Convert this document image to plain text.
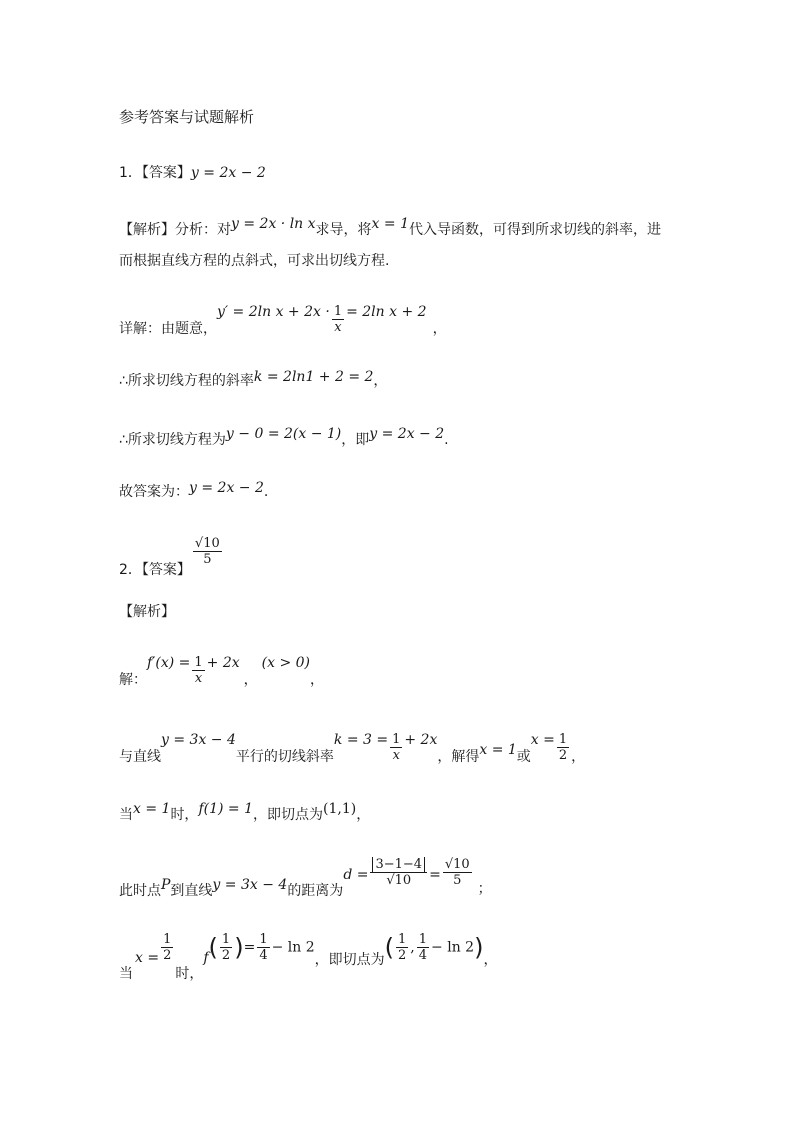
参考答案与试题解析
1．【答案】y = 2x − 2
【解析】分析：对y = 2x · ln x求导，将x = 1代入导函数，可得到所求切线的斜率，进
而根据直线方程的点斜式，可求出切线方程.
详解：由题意，y′ = 2ln $x + 2x \cdot \frac{1}{x} = 2\ln$ x + 2，
∴所求切线方程的斜率k = 2ln1 + 2 = 2，
∴所求切线方程为y − 0 = 2(x − 1)，即y = 2x − 2.
故答案为：y = 2x − 2.
2．【答案】
$\frac{√10}{5}$
【解析】
解：$f'(x) = \frac{1}{x} + 2x$，(x > 0)，
与直线y = 3x − 4平行的切线斜率$k = 3 = \frac{1}{x} + 2x$，解得x = 1或$x = \frac{1}{2}$ ，
当x = 1时，f(1) = 1，即切点为(1,1)，
此时点P到直线y = 3x − 4的距离为$d = \frac{3-1-4}{√10} = \frac{√10}{5}$
；
当$x = \frac{1}{2}$
时，$f( \frac{1}{2}$ )= $\frac{1}{4} - \ln 2$，即切点为( $\frac{1}{2}$ , $\frac{1}{4} - \ln 2$)，
